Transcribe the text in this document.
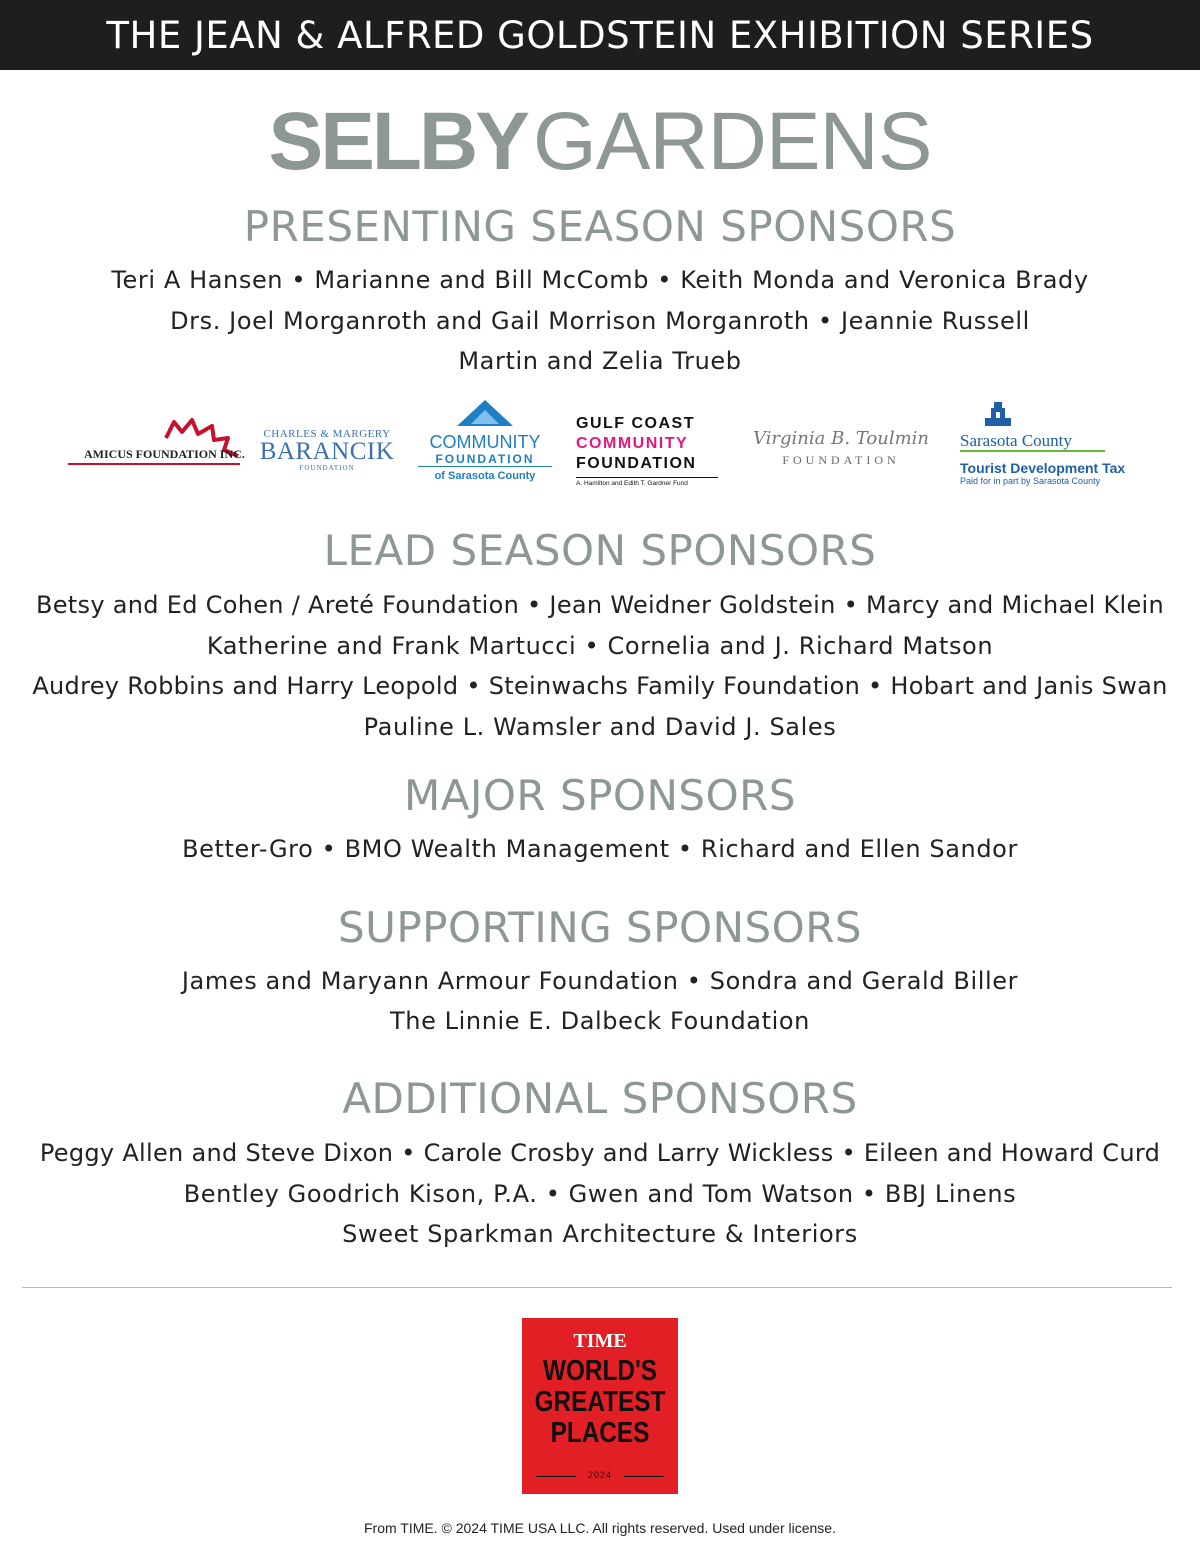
THE JEAN & ALFRED GOLDSTEIN EXHIBITION SERIES
SELBYGARDENS
PRESENTING SEASON SPONSORS
Teri A Hansen • Marianne and Bill McComb • Keith Monda and Veronica Brady
Drs. Joel Morganroth and Gail Morrison Morganroth • Jeannie Russell
Martin and Zelia Trueb
AMICUS FOUNDATION INC.
CHARLES & MARGERY
BARANCIK
FOUNDATION
COMMUNITY
FOUNDATION
of Sarasota County
GULF COAST
COMMUNITY
FOUNDATION
A. Hamilton and Edith T. Gardner Fund
Virginia B. Toulmin
FOUNDATION
Sarasota County
Tourist Development Tax
Paid for in part by Sarasota County
LEAD SEASON SPONSORS
Betsy and Ed Cohen / Areté Foundation • Jean Weidner Goldstein • Marcy and Michael Klein
Katherine and Frank Martucci • Cornelia and J. Richard Matson
Audrey Robbins and Harry Leopold • Steinwachs Family Foundation • Hobart and Janis Swan
Pauline L. Wamsler and David J. Sales
MAJOR SPONSORS
Better-Gro • BMO Wealth Management • Richard and Ellen Sandor
SUPPORTING SPONSORS
James and Maryann Armour Foundation • Sondra and Gerald Biller
The Linnie E. Dalbeck Foundation
ADDITIONAL SPONSORS
Peggy Allen and Steve Dixon • Carole Crosby and Larry Wickless • Eileen and Howard Curd
Bentley Goodrich Kison, P.A. • Gwen and Tom Watson • BBJ Linens
Sweet Sparkman Architecture & Interiors
TIME
WORLD'S GREATEST PLACES
2024
From TIME. © 2024 TIME USA LLC. All rights reserved. Used under license.
